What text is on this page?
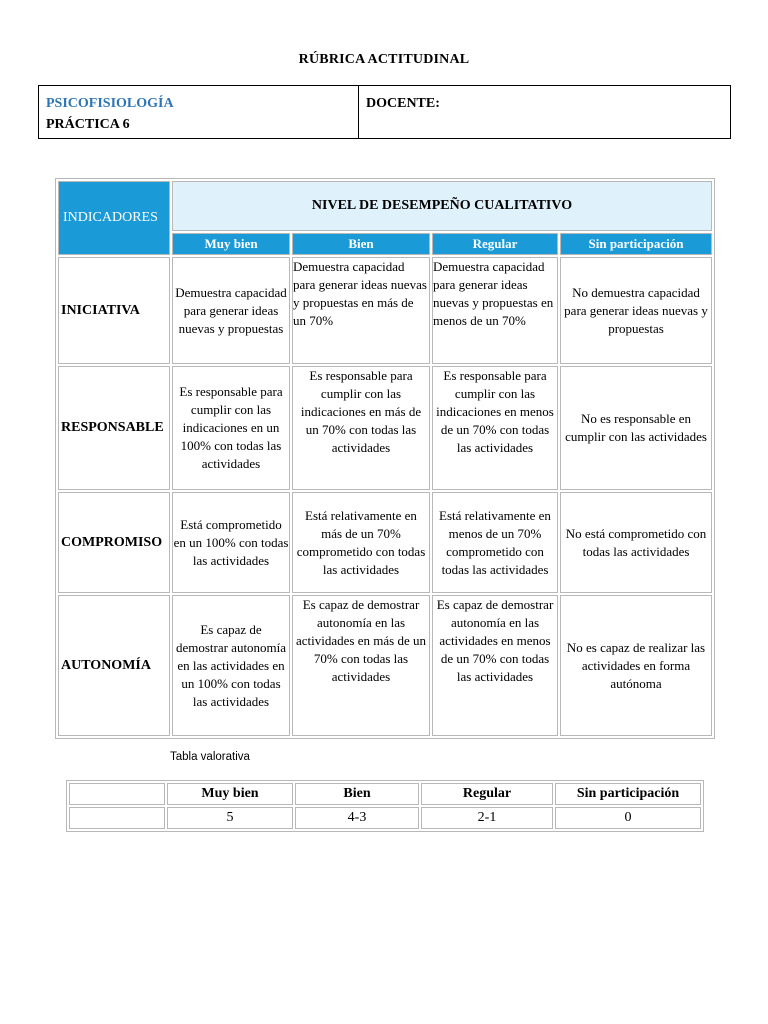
RÚBRICA ACTITUDINAL
PSICOFISIOLOGÍA
PRÁCTICA 6
DOCENTE:
INDICADORES	NIVEL DE DESEMPEÑO CUALITATIVO			
	Muy bien	Bien	Regular	Sin participación
INICIATIVA	Demuestra capacidad para generar ideas nuevas y propuestas	Demuestra capacidad para generar ideas nuevas y propuestas en más de un 70%	Demuestra capacidad para generar ideas nuevas y propuestas en menos de un 70%	No demuestra capacidad para generar ideas nuevas y propuestas
RESPONSABLE	Es responsable para cumplir con las indicaciones en un 100% con todas las actividades	Es responsable para cumplir con las indicaciones en más de un 70% con todas las actividades	Es responsable para cumplir con las indicaciones en menos de un 70% con todas las actividades	No es responsable en cumplir con las actividades
COMPROMISO	Está comprometido en un 100% con todas las actividades	Está relativamente en más de un 70% comprometido con todas las actividades	Está relativamente en menos de un 70% comprometido con todas las actividades	No está comprometido con todas las actividades
AUTONOMÍA	Es capaz de demostrar autonomía en las actividades en un 100% con todas las actividades	Es capaz de demostrar autonomía en las actividades en más de un 70% con todas las actividades	Es capaz de demostrar autonomía en las actividades en menos de un 70% con todas las actividades	No es capaz de realizar las actividades en forma autónoma
Tabla valorativa
	Muy bien	Bien	Regular	Sin participación
	5	4-3	2-1	0
